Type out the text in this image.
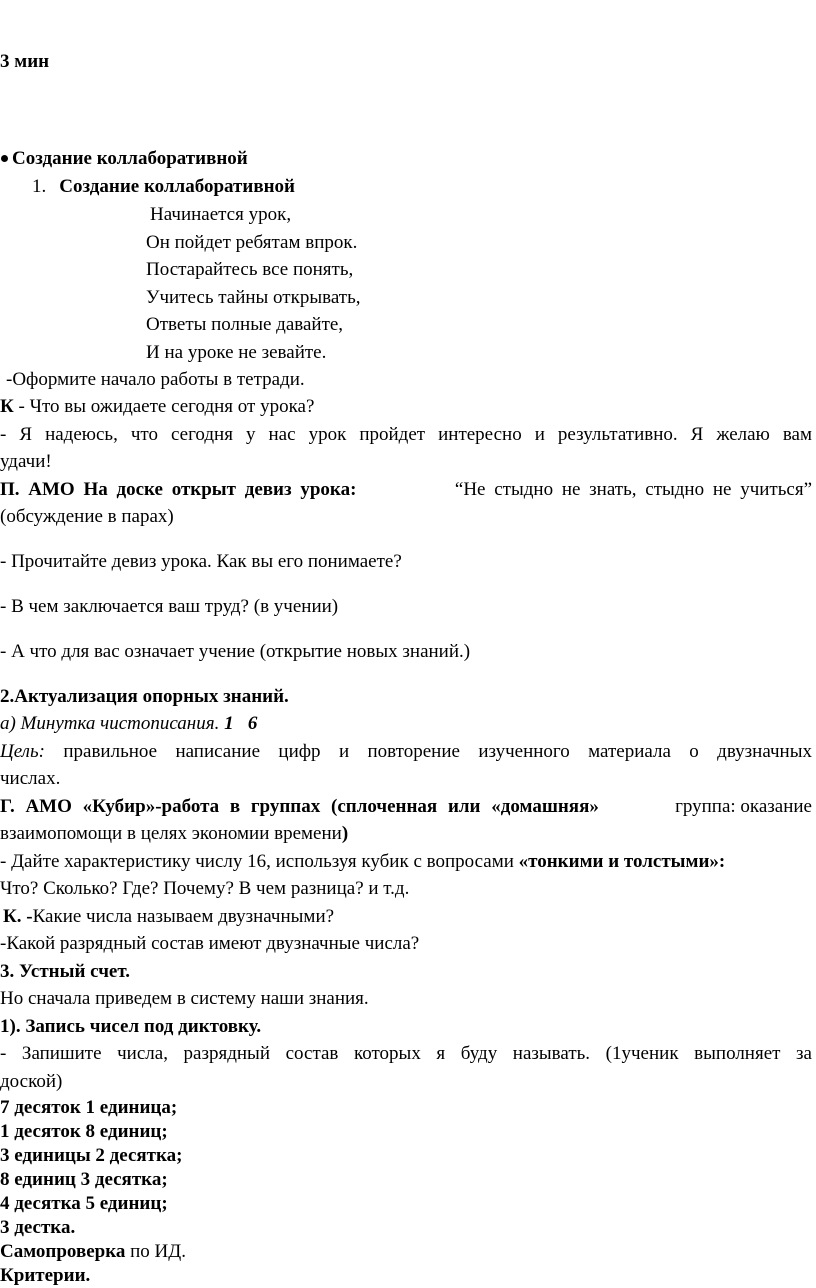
3 мин
Создание коллаборативной
1. Создание коллаборативной
Начинается урок,
Он пойдет ребятам впрок.
Постарайтесь все понять,
Учитесь тайны открывать,
Ответы полные давайте,
И на уроке не зевайте.
-Оформите начало работы в тетради.
К - Что вы ожидаете сегодня от урока?
- Я надеюсь, что сегодня у нас урок пройдет интересно и результативно. Я желаю вам
удачи!
П. АМО На доске открыт девиз урока:	“Не стыдно не знать, стыдно не учиться”
(обсуждение в парах)
- Прочитайте девиз урока. Как вы его понимаете?
- В чем заключается ваш труд? (в учении)
- А что для вас означает учение (открытие новых знаний.)
2.Актуализация опорных знаний.
а) Минутка чистописания. 1   6
Цель: правильное написание цифр и повторение изученного материала о двузначных
числах.
Г. АМО «Кубир»-работа в группах (сплоченная или «домашняя»	группа: оказание
взаимопомощи в целях экономии времени)
- Дайте характеристику числу 16, используя кубик с вопросами «тонкими и толстыми»:
Что? Сколько? Где? Почему? В чем разница? и т.д.
К. -Какие числа называем двузначными?
-Какой разрядный состав имеют двузначные числа?
3. Устный счет.
Но сначала приведем в систему наши знания.
1). Запись чисел под диктовку.
- Запишите числа, разрядный состав которых я буду называть. (1ученик выполняет за
доской)
7 десяток 1 единица;
1 десяток 8 единиц;
3 единицы 2 десятка;
8 единиц 3 десятка;
4 десятка 5 единиц;
3 дестка.
Самопроверка по ИД.
Критерии.
